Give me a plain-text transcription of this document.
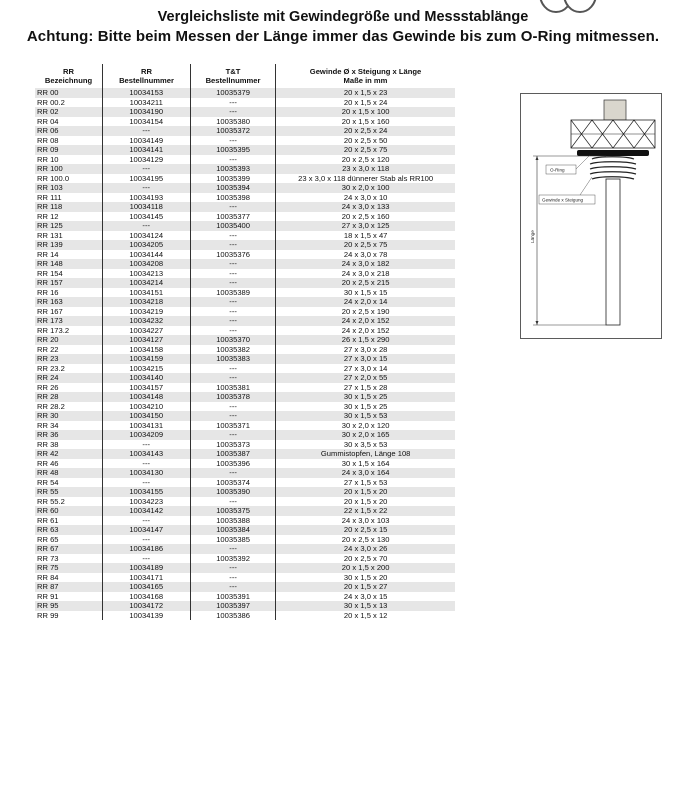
Vergleichsliste mit Gewindegröße und Messstablänge
Achtung: Bitte beim Messen der Länge immer das Gewinde bis zum O-Ring mitmessen.
RR
Bezeichnung
RR
Bestellnummer
T&T
Bestellnummer
Gewinde Ø x Steigung x Länge
Maße in mm
RR 00	10034153	10035379	20 x 1,5 x 23
RR 00.2	10034211	---	20 x 1,5 x 24
RR 02	10034190	---	20 x 1,5 x 100
RR 04	10034154	10035380	20 x 1,5 x 160
RR 06	---	10035372	20 x 2,5 x 24
RR 08	10034149	---	20 x 2,5 x 50
RR 09	10034141	10035395	20 x 2,5 x 75
RR 10	10034129	---	20 x 2,5 x 120
RR 100	---	10035393	23 x 3,0 x 118
RR 100.0	10034195	10035399	23 x 3,0 x 118 dünnerer Stab als RR100
RR 103	---	10035394	30 x 2,0 x 100
RR 111	10034193	10035398	24 x 3,0 x 10
RR 118	10034118	---	24 x 3,0 x 133
RR 12	10034145	10035377	20 x 2,5 x 160
RR 125	---	10035400	27 x 3,0 x 125
RR 131	10034124	---	18 x 1,5 x 47
RR 139	10034205	---	20 x 2,5 x 75
RR 14	10034144	10035376	24 x 3,0 x 78
RR 148	10034208	---	24 x 3,0 x 182
RR 154	10034213	---	24 x 3,0 x 218
RR 157	10034214	---	20 x 2,5 x 215
RR 16	10034151	10035389	30 x 1,5 x 15
RR 163	10034218	---	24 x 2,0 x 14
RR 167	10034219	---	20 x 2,5 x 190
RR 173	10034232	---	24 x 2,0 x 152
RR 173.2	10034227	---	24 x 2,0 x 152
RR 20	10034127	10035370	26 x 1,5 x 290
RR 22	10034158	10035382	27 x 3,0 x 28
RR 23	10034159	10035383	27 x 3,0 x 15
RR 23.2	10034215	---	27 x 3,0 x 14
RR 24	10034140	---	27 x 2,0 x 55
RR 26	10034157	10035381	27 x 1,5 x 28
RR 28	10034148	10035378	30 x 1,5 x 25
RR 28.2	10034210	---	30 x 1,5 x 25
RR 30	10034150	---	30 x 1,5 x 53
RR 34	10034131	10035371	30 x 2,0 x 120
RR 36	10034209	---	30 x 2,0 x 165
RR 38	---	10035373	30 x 3,5 x 53
RR 42	10034143	10035387	Gummistopfen, Länge 108
RR 46	---	10035396	30 x 1,5 x 164
RR 48	10034130	---	24 x 3,0 x 164
RR 54	---	10035374	27 x 1,5 x 53
RR 55	10034155	10035390	20 x 1,5 x 20
RR 55.2	10034223	---	20 x 1,5 x 20
RR 60	10034142	10035375	22 x 1,5 x 22
RR 61	---	10035388	24 x 3,0 x 103
RR 63	10034147	10035384	20 x 2,5 x 15
RR 65	---	10035385	20 x 2,5 x 130
RR 67	10034186	---	24 x 3,0 x 26
RR 73	---	10035392	20 x 2,5 x 70
RR 75	10034189	---	20 x 1,5 x 200
RR 84	10034171	---	30 x 1,5 x 20
RR 87	10034165	---	20 x 1,5 x 27
RR 91	10034168	10035391	24 x 3,0 x 15
RR 95	10034172	10035397	30 x 1,5 x 13
RR 99	10034139	10035386	20 x 1,5 x 12
O-Ring
Gewinde x Steigung
Länge
